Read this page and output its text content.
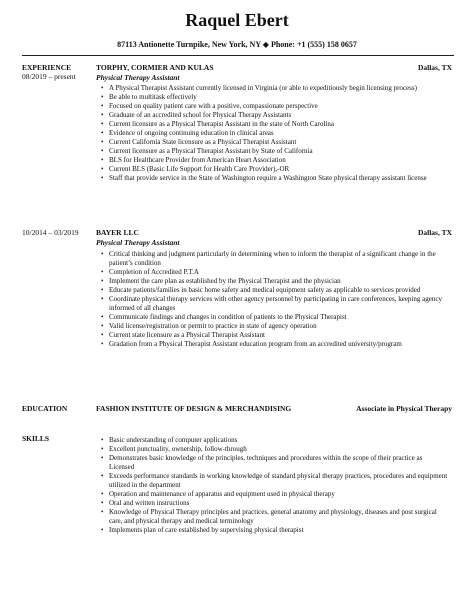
Raquel Ebert
87113 Antionette Turnpike, New York, NY ◆ Phone: +1 (555) 158 0657
EXPERIENCE
08/2019 – present
TORPHY, CORMIER AND KULAS	Dallas, TX
Physical Therapy Assistant
• A Physical Therapist Assistant currently licensed in Virginia (or able to expeditiously begin licensing process)
• Be able to multitask effectively
• Focused on quality patient care with a positive, compassionate perspective
• Graduate of an accredited school for Physical Therapy Assistants
• Current licensure as a Physical Therapist Assistant in the state of North Carolina
• Evidence of ongoing continuing education in clinical areas
• Current California State licensure as a Physical Therapist Assistant
• Current licensure as a Physical Therapist Assistant by State of California
• BLS for Healthcare Provider from American Heart Association
• Current BLS (Basic Life Support for Health Care Provider),-OR
• Staff that provide service in the State of Washington require a Washington State physical therapy assistant license
10/2014 – 03/2019 BAYER LLC	Dallas, TX
Physical Therapy Assistant
• Critical thinking and judgment particularly in determining when to inform the therapist of a significant change in the patient’s condition
• Completion of Accredited P.T.A
• Implement the care plan as established by the Physical Therapist and the physician
• Educate patients/families in basic home safety and medical equipment safety as applicable to services provided
• Coordinate physical therapy services with other agency personnel by participating in care conferences, keeping agency informed of all changes
• Communicate findings and changes in condition of patients to the Physical Therapist
• Valid license/registration or permit to practice in state of agency operation
• Current state licensure as a Physical Therapist Assistant
• Gradation from a Physical Therapist Assistant education program from an accredited university/program
EDUCATION	FASHION INSTITUTE OF DESIGN & MERCHANDISING	Associate in Physical Therapy
SKILLS
•	Basic understanding of computer applications
• Excellent punctuality, ownership, follow-through
• Demonstrates basic knowledge of the principles, techniques and procedures within the scope of their practice as Licensed
• Exceeds performance standards in working knowledge of standard physical therapy practices, procedures and equipment utilized in the department
• Operation and maintenance of apparatus and equipment used in physical therapy
• Oral and written instructions
• Knowledge of Physical Therapy principles and practices, general anatomy and physiology, diseases and post surgical care, and physical therapy and medical terminology
• Implements plan of care established by supervising physical therapist
